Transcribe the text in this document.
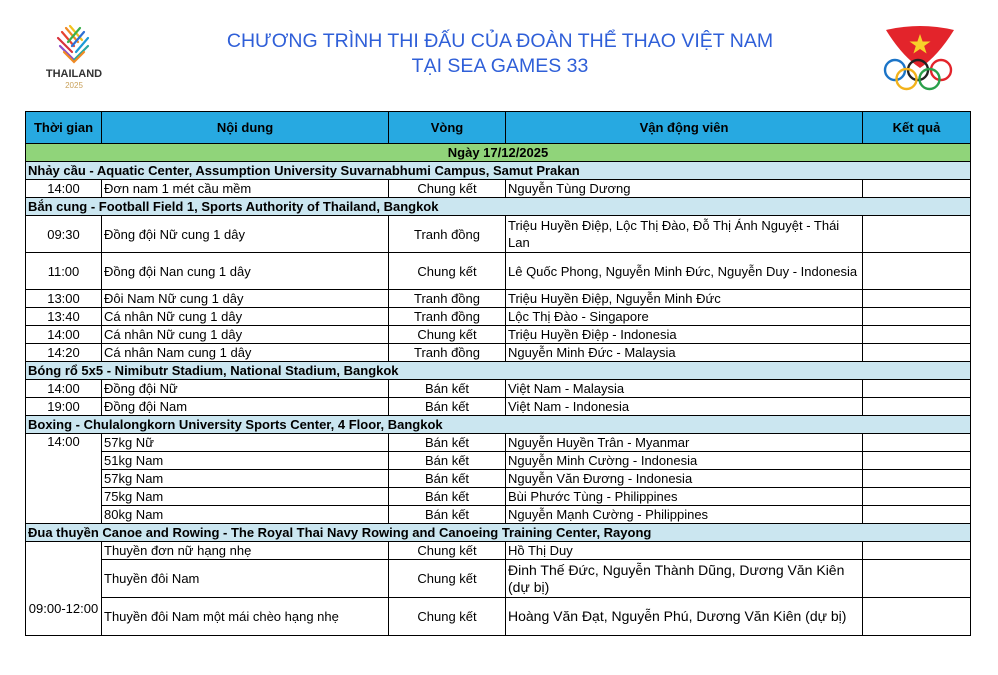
THAILAND
2025
CHƯƠNG TRÌNH THI ĐẤU CỦA ĐOÀN THỂ THAO VIỆT NAM
TẠI SEA GAMES 33
Thời gian	Nội dung	Vòng	Vận động viên	Kết quả
Ngày 17/12/2025				
Nhảy cầu - Aquatic Center, Assumption University Suvarnabhumi Campus, Samut Prakan				
14:00	Đơn nam 1 mét cầu mềm	Chung kết	Nguyễn Tùng Dương	
Bắn cung - Football Field 1, Sports Authority of Thailand, Bangkok				
09:30	Đồng đội Nữ cung 1 dây	Tranh đồng	Triệu Huyền Điệp, Lộc Thị Đào, Đỗ Thị Ánh Nguyệt - Thái Lan	
11:00	Đồng đội Nan cung 1 dây	Chung kết	Lê Quốc Phong, Nguyễn Minh Đức, Nguyễn Duy - Indonesia	
13:00	Đôi Nam Nữ cung 1 dây	Tranh đồng	Triệu Huyền Điệp, Nguyễn Minh Đức	
13:40	Cá nhân Nữ cung 1 dây	Tranh đồng	Lộc Thị Đào - Singapore	
14:00	Cá nhân Nữ cung 1 dây	Chung kết	Triệu Huyền Điệp - Indonesia	
14:20	Cá nhân Nam cung 1 dây	Tranh đồng	Nguyễn Minh Đức - Malaysia	
Bóng rổ 5x5 - Nimibutr Stadium, National Stadium, Bangkok				
14:00	Đồng đội Nữ	Bán kết	Việt Nam - Malaysia	
19:00	Đồng đội Nam	Bán kết	Việt Nam - Indonesia	
Boxing - Chulalongkorn University Sports Center, 4 Floor, Bangkok				
14:00	57kg Nữ	Bán kết	Nguyễn Huyền Trân - Myanmar	
	51kg Nam	Bán kết	Nguyễn Minh Cường - Indonesia	
	57kg Nam	Bán kết	Nguyễn Văn Đương - Indonesia	
	75kg Nam	Bán kết	Bùi Phước Tùng - Philippines	
	80kg Nam	Bán kết	Nguyễn Mạnh Cường - Philippines	
Đua thuyền Canoe and Rowing - The Royal Thai Navy Rowing and Canoeing Training Center, Rayong				
09:00-12:00	Thuyền đơn nữ hạng nhẹ	Chung kết	Hồ Thị Duy	
	Thuyền đôi Nam	Chung kết	Đinh Thế Đức, Nguyễn Thành Dũng, Dương Văn Kiên (dự bị)	
	Thuyền đôi Nam một mái chèo hạng nhẹ	Chung kết	Hoàng Văn Đạt, Nguyễn Phú, Dương Văn Kiên (dự bị)	
